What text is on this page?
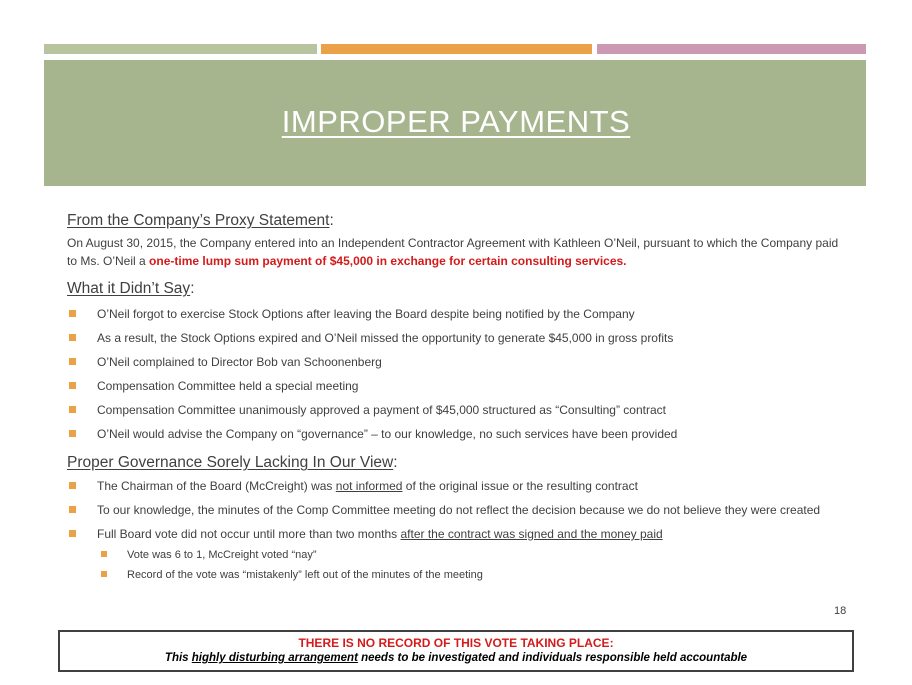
IMPROPER PAYMENTS

From the Company’s Proxy Statement:

On August 30, 2015, the Company entered into an Independent Contractor Agreement with Kathleen O’Neil, pursuant to which the Company paid to Ms. O’Neil a one-time lump sum payment of $45,000 in exchange for certain consulting services.

What it Didn’t Say:

O’Neil forgot to exercise Stock Options after leaving the Board despite being notified by the Company
As a result, the Stock Options expired and O’Neil missed the opportunity to generate $45,000 in gross profits
O’Neil complained to Director Bob van Schoonenberg
Compensation Committee held a special meeting
Compensation Committee unanimously approved a payment of $45,000 structured as “Consulting” contract
O’Neil would advise the Company on “governance” – to our knowledge, no such services have been provided

Proper Governance Sorely Lacking In Our View:

The Chairman of the Board (McCreight) was not informed of the original issue or the resulting contract
To our knowledge, the minutes of the Comp Committee meeting do not reflect the decision because we do not believe they were created
Full Board vote did not occur until more than two months after the contract was signed and the money paid
Vote was 6 to 1, McCreight voted “nay”
Record of the vote was “mistakenly” left out of the minutes of the meeting
18
THERE IS NO RECORD OF THIS VOTE TAKING PLACE:
This highly disturbing arrangement needs to be investigated and individuals responsible held accountable
